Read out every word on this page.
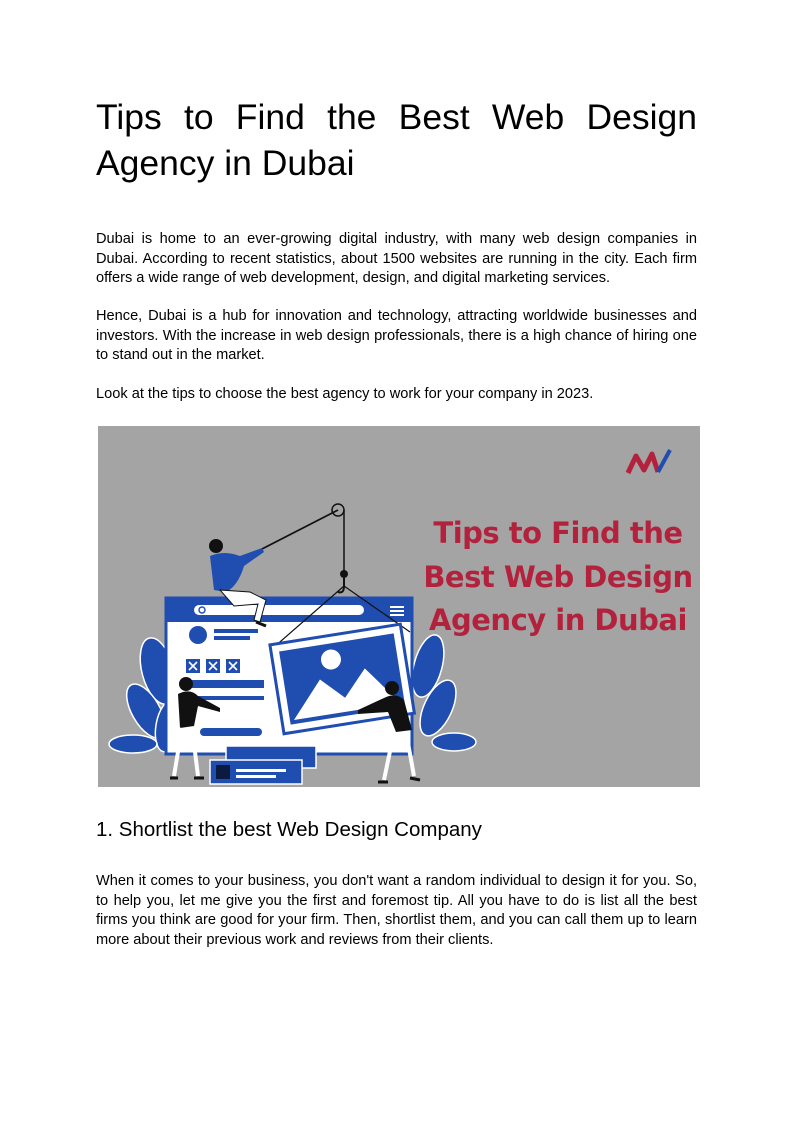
Tips to Find the Best Web Design Agency in Dubai

Dubai is home to an ever-growing digital industry, with many web design companies in Dubai. According to recent statistics, about 1500 websites are running in the city. Each firm offers a wide range of web development, design, and digital marketing services.

Hence, Dubai is a hub for innovation and technology, attracting worldwide businesses and investors. With the increase in web design professionals, there is a high chance of hiring one to stand out in the market.

Look at the tips to choose the best agency to work for your company in 2023.

Tips to Find the Best Web Design Agency in Dubai

1. Shortlist the best Web Design Company

When it comes to your business, you don't want a random individual to design it for you. So, to help you, let me give you the first and foremost tip. All you have to do is list all the best firms you think are good for your firm. Then, shortlist them, and you can call them up to learn more about their previous work and reviews from their clients.
